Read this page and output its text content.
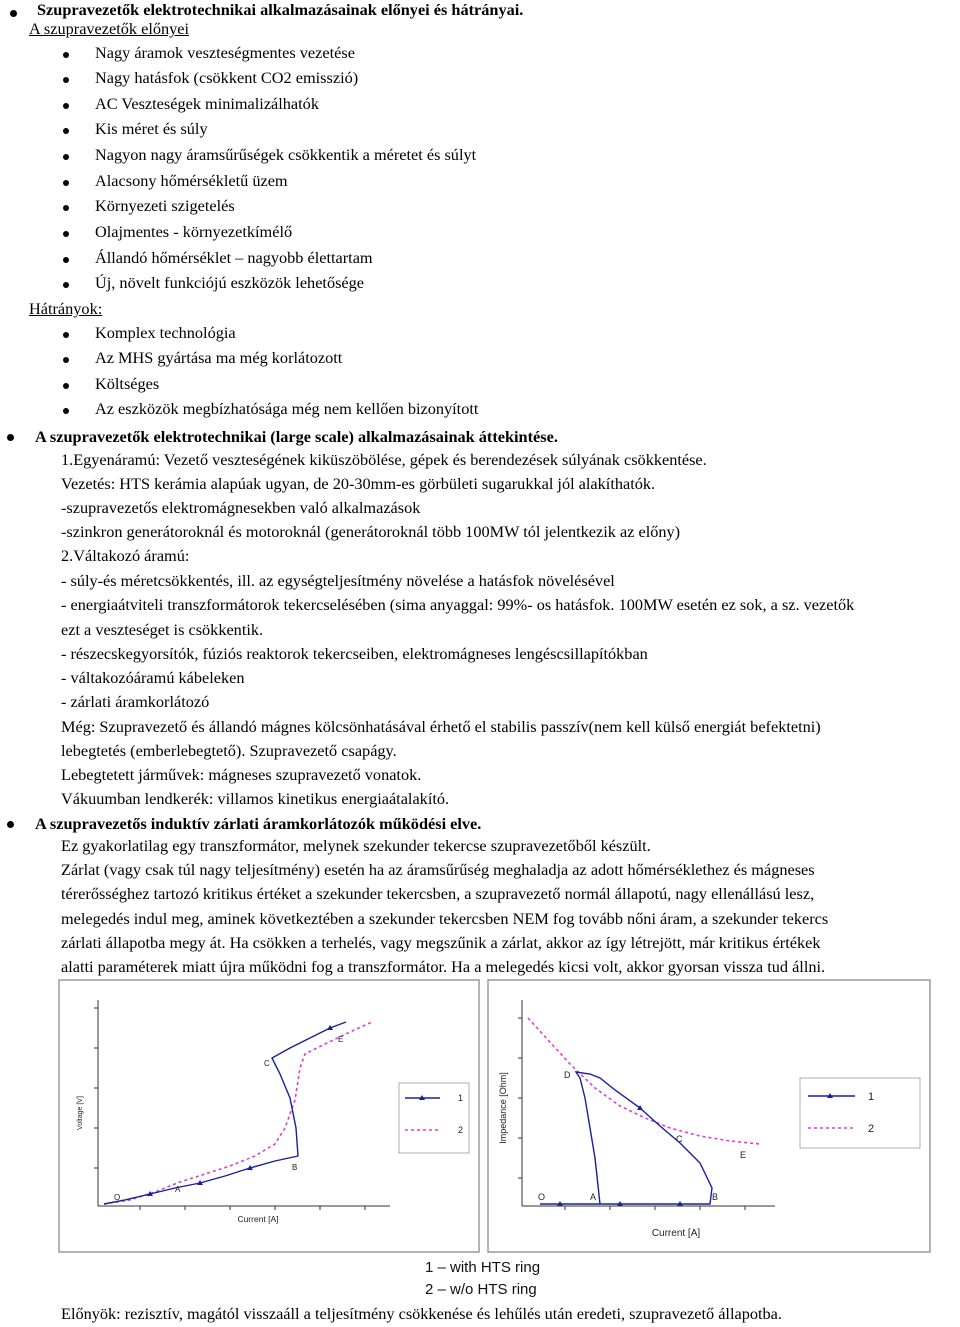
Szupravezetők elektrotechnikai alkalmazásainak előnyei és hátrányai.
A szupravezetők előnyei
Nagy áramok veszteségmentes vezetése
Nagy hatásfok (csökkent CO2 emisszió)
AC Veszteségek minimalizálhatók
Kis méret és súly
Nagyon nagy áramsűrűségek csökkentik a méretet és súlyt
Alacsony hőmérsékletű üzem
Környezeti szigetelés
Olajmentes - környezetkímélő
Állandó hőmérséklet – nagyobb élettartam
Új, növelt funkciójú eszközök lehetősége
Hátrányok:
Komplex technológia
Az MHS gyártása ma még korlátozott
Költséges
Az eszközök megbízhatósága még nem kellően bizonyított
A szupravezetők elektrotechnikai (large scale) alkalmazásainak áttekintése.
1.Egyenáramú: Vezető veszteségének kiküszöbölése, gépek és berendezések súlyának csökkentése.
Vezetés: HTS kerámia alapúak ugyan, de 20-30mm-es görbületi sugarukkal jól alakíthatók.
-szupravezetős elektromágnesekben való alkalmazások
-szinkron generátoroknál és motoroknál (generátoroknál több 100MW tól jelentkezik az előny)
2.Váltakozó áramú:
- súly-és méretcsökkentés, ill. az egységteljesítmény növelése a hatásfok növelésével
- energiaátviteli transzformátorok tekercselésében (sima anyaggal: 99%- os hatásfok. 100MW esetén ez sok, a sz. vezetők
ezt a veszteséget is csökkentik.
- részecskegyorsítók, fúziós reaktorok tekercseiben, elektromágneses lengéscsillapítókban
- váltakozóáramú kábeleken
- zárlati áramkorlátozó
Még: Szupravezető és állandó mágnes kölcsönhatásával érhető el stabilis passzív(nem kell külső energiát befektetni)
lebegtetés (emberlebegtető). Szupravezető csapágy.
Lebegtetett járművek: mágneses szupravezető vonatok.
Vákuumban lendkerék: villamos kinetikus energiaátalakító.
A szupravezetős induktív zárlati áramkorlátozók működési elve.
Ez gyakorlatilag egy transzformátor, melynek szekunder tekercse szupravezetőből készült.
Zárlat (vagy csak túl nagy teljesítmény) esetén ha az áramsűrűség meghaladja az adott hőmérséklethez és mágneses
térerősséghez tartozó kritikus értéket a szekunder tekercsben, a szupravezető normál állapotú, nagy ellenállású lesz,
melegedés indul meg, aminek következtében a szekunder tekercsben NEM fog tovább nőni áram, a szekunder tekercs
zárlati állapotba megy át. Ha csökken a terhelés, vagy megszűnik a zárlat, akkor az így létrejött, már kritikus értékek
alatti paraméterek miatt újra működni fog a transzformátor. Ha a melegedés kicsi volt, akkor gyorsan vissza tud állni.
Voltage [V]
Current [A]
O
A
B
C
E
1
2	Impedance [Ohm]
Current [A]
O	A	B
C
D
E
1
2
1 – with HTS ring
2 – w/o HTS ring
Előnyök: rezisztív, magától visszaáll a teljesítmény csökkenése és lehűlés után eredeti, szupravezető állapotba.
